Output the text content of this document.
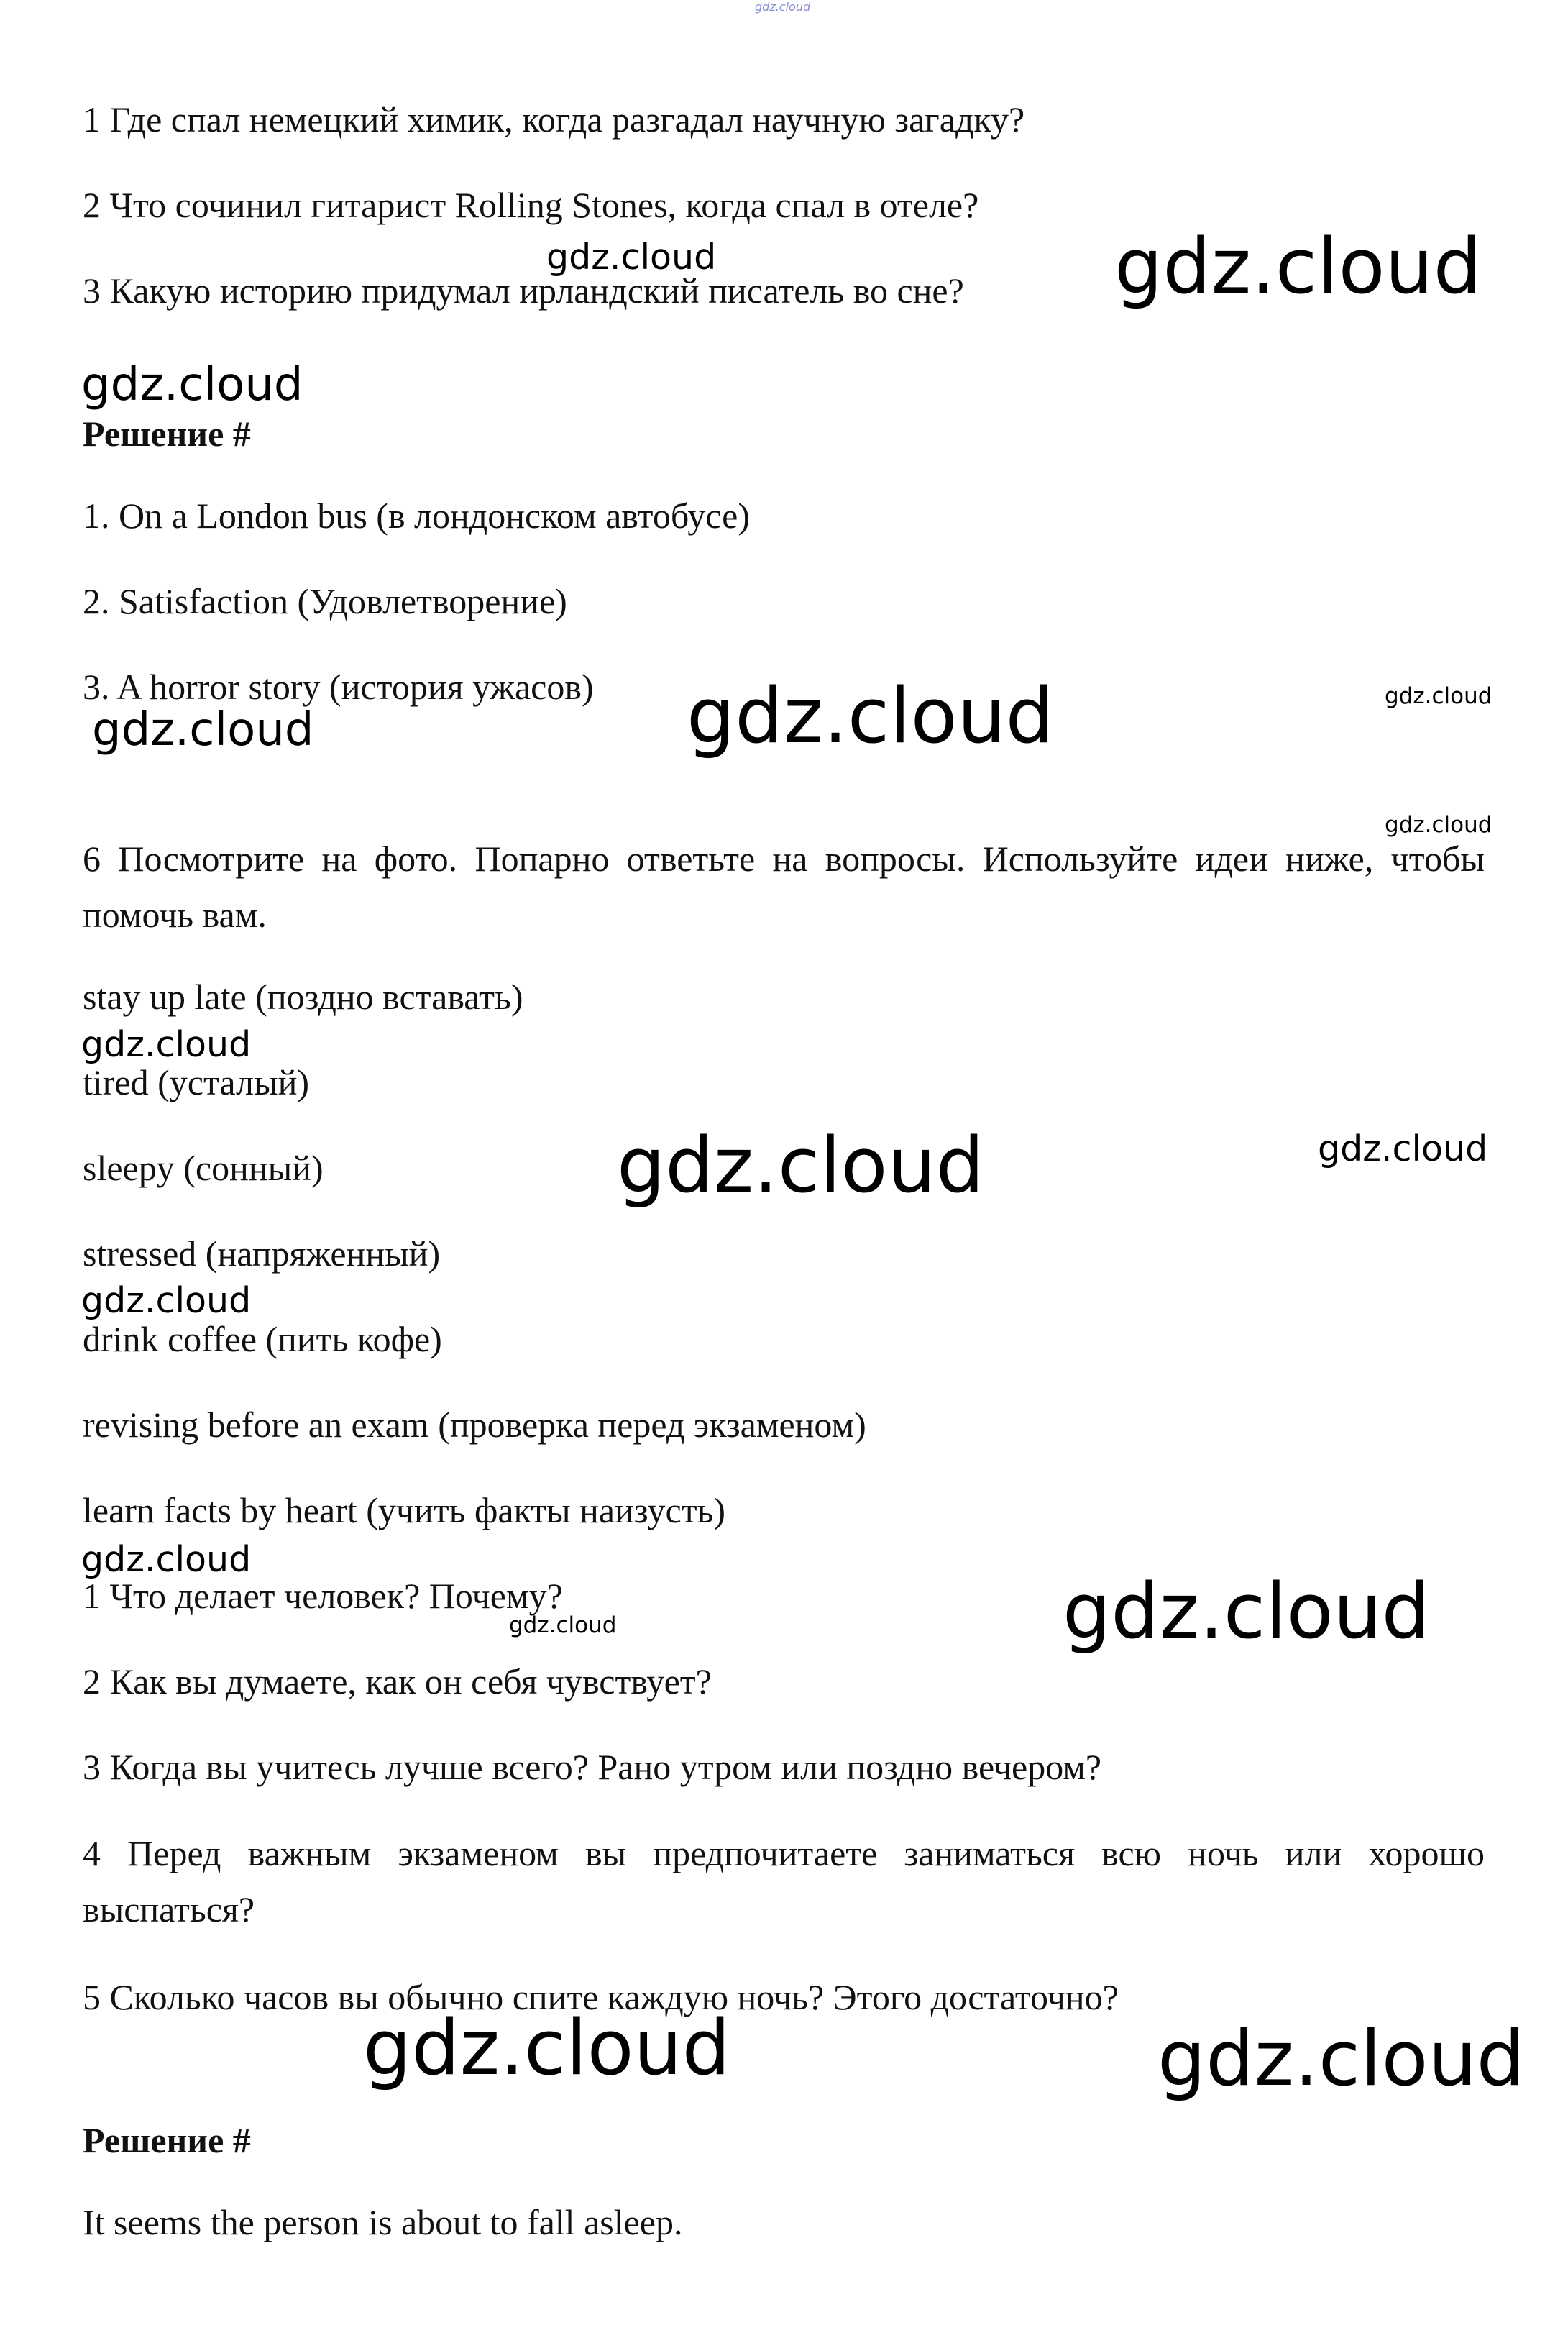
gdz.cloud
1 Где спал немецкий химик, когда разгадал научную загадку?
2 Что сочинил гитарист Rolling Stones, когда спал в отеле?
3 Какую историю придумал ирландский писатель во сне?
Решение #
1. On a London bus (в лондонском автобусе)
2. Satisfaction (Удовлетворение)
3. A horror story (история ужасов)
6 Посмотрите на фото. Попарно ответьте на вопросы. Используйте идеи ниже, чтобы помочь вам.
stay up late (поздно вставать)
tired (усталый)
sleepy (сонный)
stressed (напряженный)
drink coffee (пить кофе)
revising before an exam (проверка перед экзаменом)
learn facts by heart (учить факты наизусть)
1 Что делает человек? Почему?
2 Как вы думаете, как он себя чувствует?
3 Когда вы учитесь лучше всего? Рано утром или поздно вечером?
4 Перед важным экзаменом вы предпочитаете заниматься всю ночь или хорошо выспаться?
5 Сколько часов вы обычно спите каждую ночь? Этого достаточно?
Решение #
It seems the person is about to fall asleep.
gdz.cloud	gdz.cloud
gdz.cloud
gdz.cloud	gdz.cloud	gdz.cloud
gdz.cloud
gdz.cloud
gdz.cloud	gdz.cloud
gdz.cloud
gdz.cloud
gdz.cloud	gdz.cloud
gdz.cloud	gdz.cloud
